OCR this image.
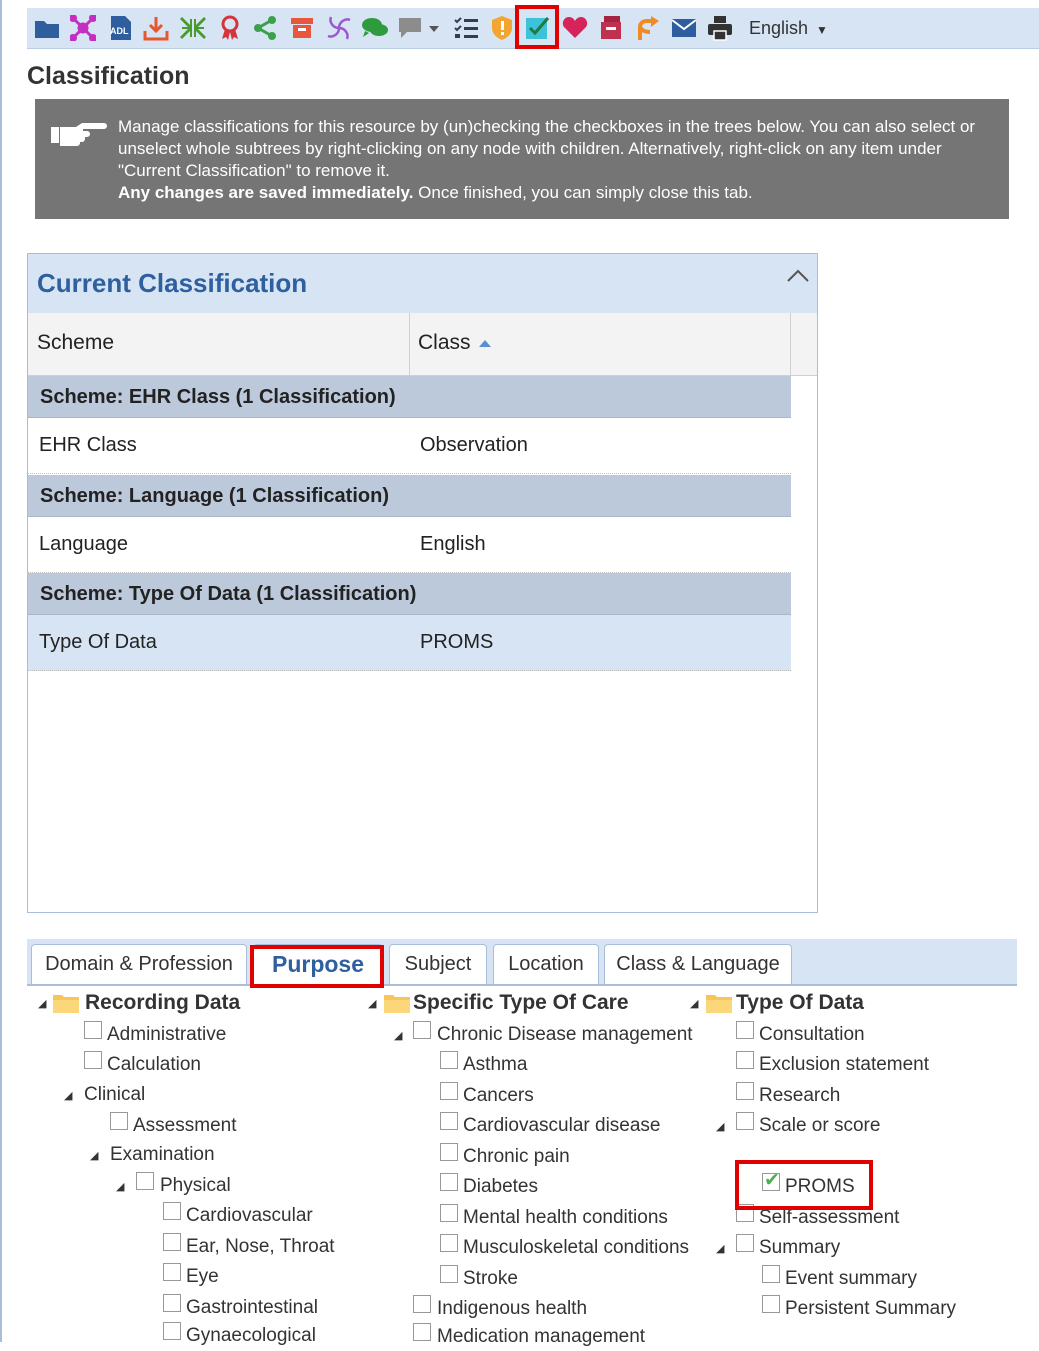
ADL	English ▼
Classification
Manage classifications for this resource by (un)checking the checkboxes in the trees below. You can also select or unselect whole subtrees by right-clicking on any node with children. Alternatively, right-click on any item under "Current Classification" to remove it.
Any changes are saved immediately. Once finished, you can simply close this tab.
Current Classification
Scheme	Class
Scheme: EHR Class (1 Classification)
EHR Class	Observation
Scheme: Language (1 Classification)
Language	English
Scheme: Type Of Data (1 Classification)
Type Of Data	PROMS
Domain & Profession	Purpose	Subject	Location	Class & Language
◢ Recording Data
Administrative
Calculation
◢ Clinical
Assessment
◢ Examination
◢ Physical
Cardiovascular
Ear, Nose, Throat
Eye
Gastrointestinal
Gynaecological
◢ Specific Type Of Care
◢ Chronic Disease management
Asthma
Cancers
Cardiovascular disease
Chronic pain
Diabetes
Mental health conditions
Musculoskeletal conditions
Stroke
Indigenous health
Medication management
◢ Type Of Data
Consultation
Exclusion statement
Research
◢ Scale or score
✔
PROMS
Self-assessment
◢ Summary
Event summary
Persistent Summary
